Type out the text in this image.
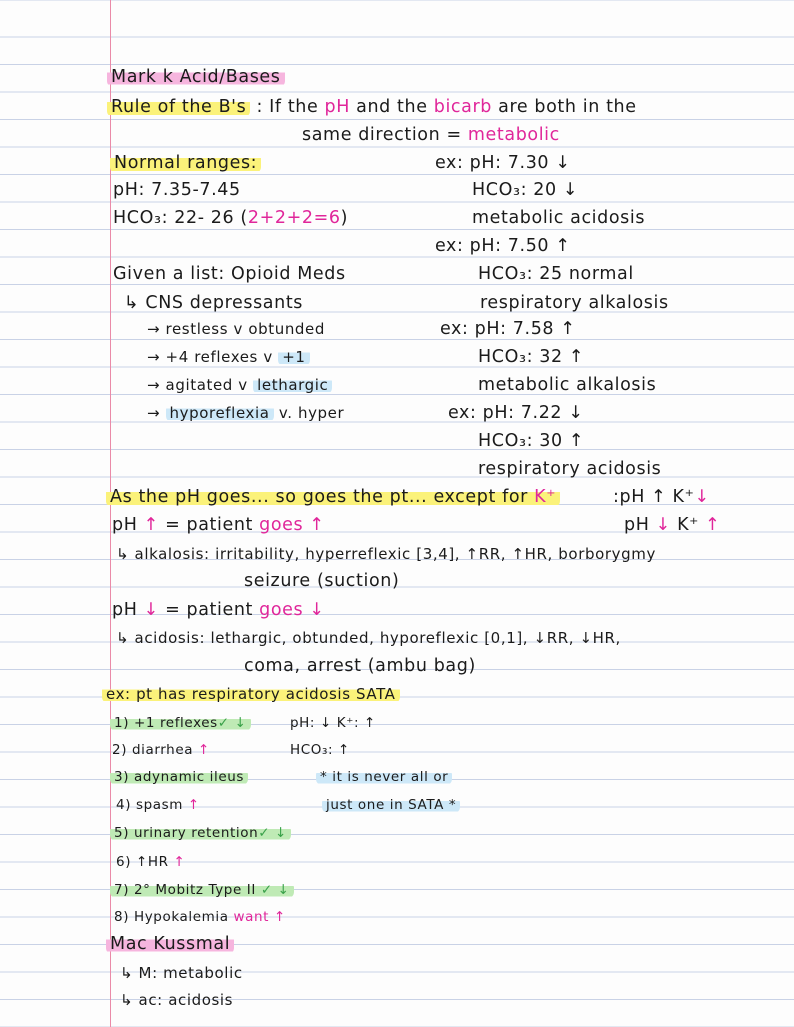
Mark k Acid/Bases
Rule of the B's : If the pH and the bicarb are both in the
same direction = metabolic
Normal ranges:
pH: 7.35-7.45
HCO₃: 22- 26 (2+2+2=6)
ex: pH: 7.30 ↓
HCO₃: 20 ↓
metabolic acidosis
ex: pH: 7.50 ↑
HCO₃: 25 normal
respiratory alkalosis
ex: pH: 7.58 ↑
HCO₃: 32 ↑
metabolic alkalosis
ex: pH: 7.22 ↓
HCO₃: 30 ↑
respiratory acidosis
Given a list: Opioid Meds
↳ CNS depressants
→ restless v obtunded
→ +4 reflexes v +1
→ agitated v lethargic
→ hyporeflexia v. hyper
As the pH goes... so goes the pt... except for K⁺	:pH ↑ K⁺↓
pH ↑ = patient goes ↑	pH ↓ K⁺ ↑
↳ alkalosis: irritability, hyperreflexic [3,4], ↑RR, ↑HR, borborygmy
seizure (suction)
pH ↓ = patient goes ↓
↳ acidosis: lethargic, obtunded, hyporeflexic [0,1], ↓RR, ↓HR,
coma, arrest (ambu bag)
ex: pt has respiratory acidosis SATA
1) +1 reflexes✓ ↓
2) diarrhea ↑
3) adynamic ileus
4) spasm ↑
5) urinary retention✓ ↓
6) ↑HR ↑
7) 2° Mobitz Type II ✓ ↓
8) Hypokalemia want ↑
pH: ↓ K⁺: ↑
HCO₃: ↑
* it is never all or
just one in SATA *
Mac Kussmal
↳ M: metabolic
↳ ac: acidosis
